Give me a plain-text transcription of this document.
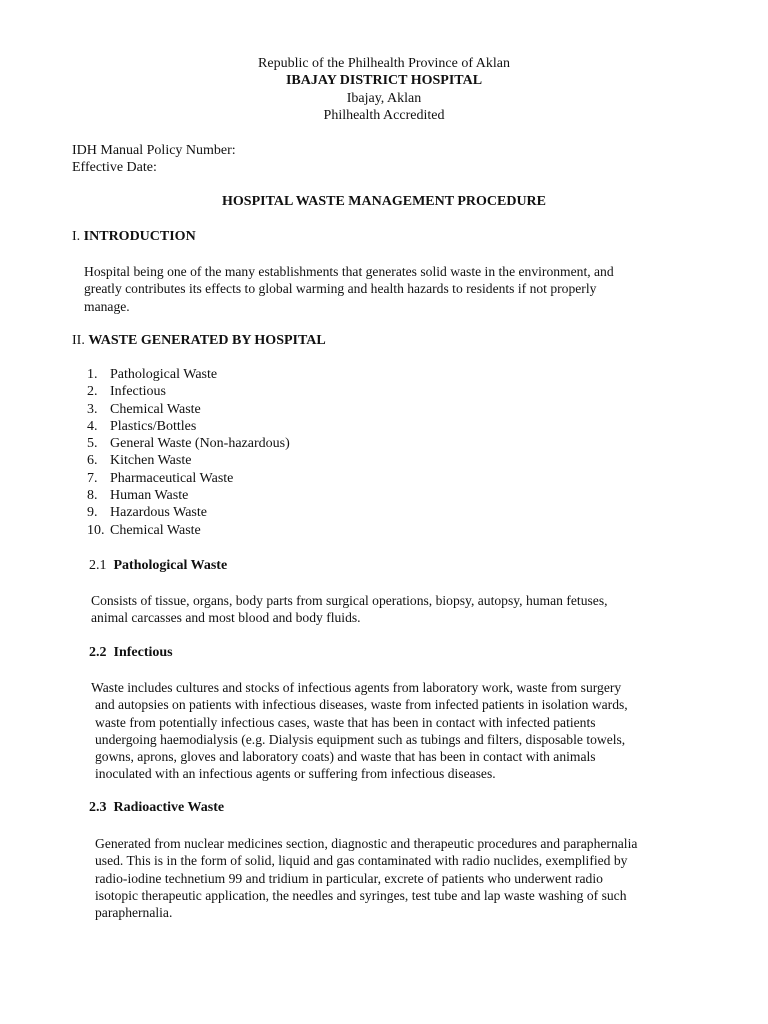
Republic of the Philhealth Province of Aklan
IBAJAY DISTRICT HOSPITAL
Ibajay, Aklan
Philhealth Accredited
IDH Manual Policy Number:
Effective Date:
HOSPITAL WASTE MANAGEMENT PROCEDURE
I. INTRODUCTION
Hospital being one of the many establishments that generates solid waste in the environment, and
greatly contributes its effects to global warming and health hazards to residents if not properly
manage.
II. WASTE GENERATED BY HOSPITAL
1. Pathological Waste
2. Infectious
3. Chemical Waste
4. Plastics/Bottles
5. General Waste (Non-hazardous)
6. Kitchen Waste
7. Pharmaceutical Waste
8. Human Waste
9. Hazardous Waste
10. Chemical Waste
2.1 Pathological Waste
Consists of tissue, organs, body parts from surgical operations, biopsy, autopsy, human fetuses,
animal carcasses and most blood and body fluids.
2.2 Infectious
Waste includes cultures and stocks of infectious agents from laboratory work, waste from surgery
and autopsies on patients with infectious diseases, waste from infected patients in isolation wards,
waste from potentially infectious cases, waste that has been in contact with infected patients
undergoing haemodialysis (e.g. Dialysis equipment such as tubings and filters, disposable towels,
gowns, aprons, gloves and laboratory coats) and waste that has been in contact with animals
inoculated with an infectious agents or suffering from infectious diseases.
2.3 Radioactive Waste
Generated from nuclear medicines section, diagnostic and therapeutic procedures and paraphernalia
used. This is in the form of solid, liquid and gas contaminated with radio nuclides, exemplified by
radio-iodine technetium 99 and tridium in particular, excrete of patients who underwent radio
isotopic therapeutic application, the needles and syringes, test tube and lap waste washing of such
paraphernalia.
